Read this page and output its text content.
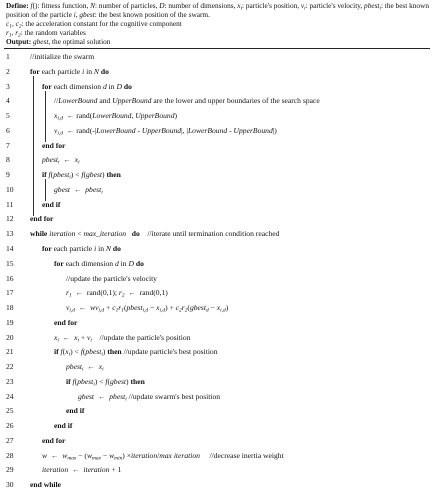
Define: f(): fitness function, N: number of particles, D: number of dimensions, $x_i$: particle's position, $v_i$: particle's velocity, pbest$_i$: the best known position of the particle i, gbest: the best known position of the swarm.
$c_1$, $c_2$: the acceleration constant for the cognitive component
$r_1$, $r_2$: the random variables
Output: gbest, the optimal solution
1	//initialize the swarm
2	for each particle i in N do
3	for each dimension d in D do
4	//LowerBound and UpperBound are the lower and upper boundaries of the search space
5	$x_{i,d}$  ← rand(LowerBound, UpperBound)
6	$v_{i,d}$  ← rand(-|LowerBound - UpperBound|, |LowerBound - UpperBound|)
7	end for
8	pbest$_i$  ←  $x_i$
9	if f(pbest$_i$) < f(gbest) then
10	gbest  ←  pbest$_i$
11	end if
12	end for
13	while iteration < max_iteration do    //iterate until termination condition reached
14	for each particle i in N do
15	for each dimension d in D do
16	//update the particle's velocity
17	$r_1$  ←  rand(0,1); $r_2$  ←  rand(0,1)
18	$v_{i,d}$  ←  $wv_{i,d}$ + $c_1r_1(pbest_{i,d} - x_{i,d})$ + $c_2r_2(gbest_d - x_{i,d})$
19	end for
20	$x_i$  ←  $x_i + v_i$    //update the particle's position
21	if $f(x_i)$ < f(pbest$_i$) then //update particle's best position
22	pbest$_i$  ←  $x_i$
23	if f(pbest$_i$) < f(gbest) then
24	gbest  ←  pbest$_i$ //update swarm's best position
25	end if
26	end if
27	end for
28	w  ←  $w_{max} - (w_{max} - w_{min})$ ×iteration/max iteration     //decrease inertia weight
29	iteration  ←  iteration + 1
30	end while
